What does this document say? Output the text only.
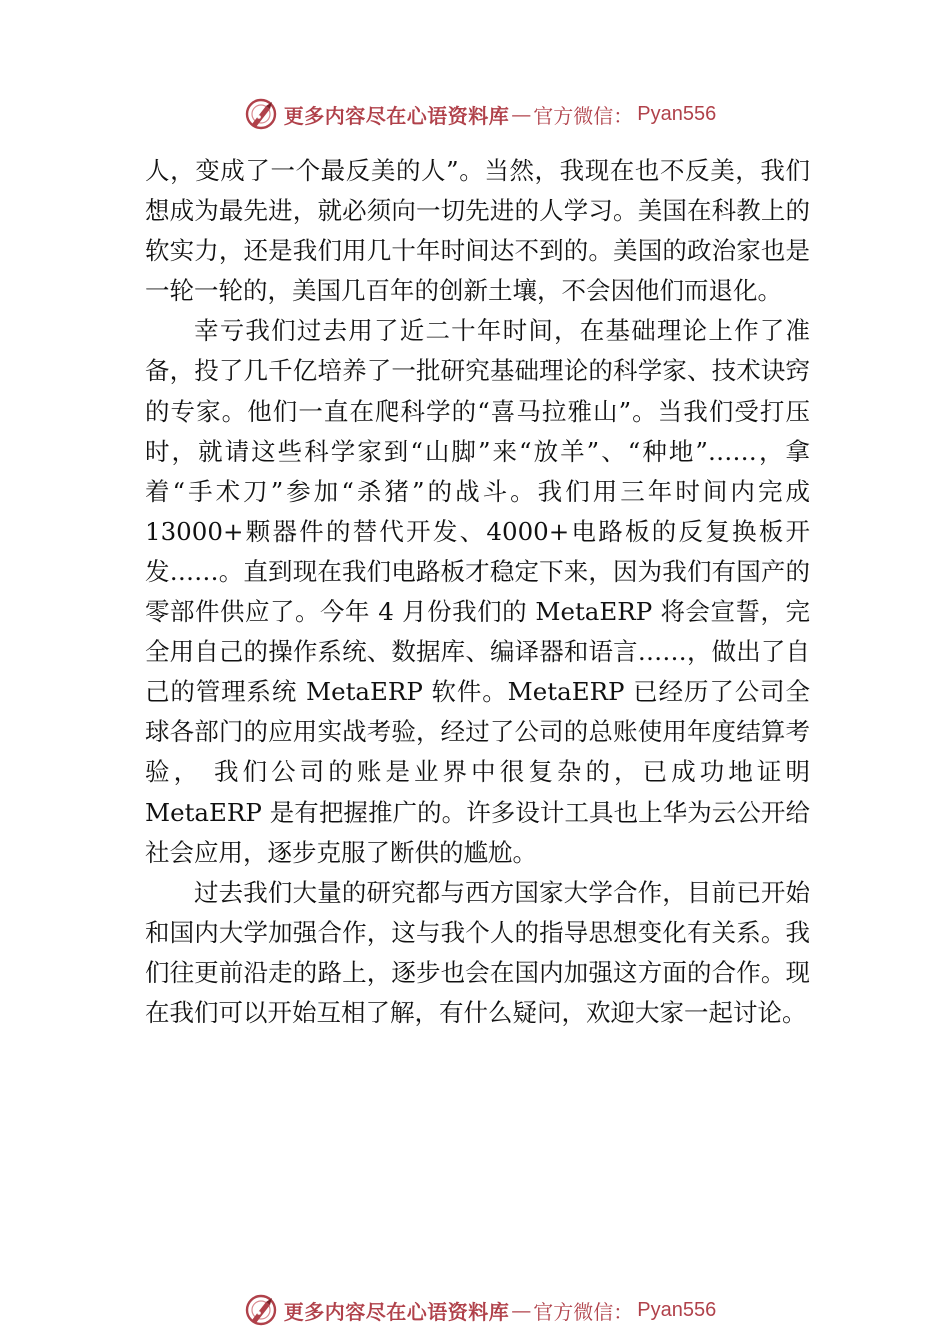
更多内容尽在心语资料库 — 官方微信： Pyan556

人，变成了一个最反美的人”。当然，我现在也不反美，我们想成为最先进，就必须向一切先进的人学习。美国在科教上的软实力，还是我们用几十年时间达不到的。美国的政治家也是一轮一轮的，美国几百年的创新土壤，不会因他们而退化。

幸亏我们过去用了近二十年时间，在基础理论上作了准备，投了几千亿培养了一批研究基础理论的科学家、技术诀窍的专家。他们一直在爬科学的“喜马拉雅山”。当我们受打压时，就请这些科学家到“山脚”来“放羊”、“种地”……，拿着“手术刀”参加“杀猪”的战斗。我们用三年时间内完成 13000+颗器件的替代开发、4000+电路板的反复换板开发……。直到现在我们电路板才稳定下来，因为我们有国产的零部件供应了。今年 4 月份我们的 MetaERP 将会宣誓，完全用自己的操作系统、数据库、编译器和语言……，做出了自己的管理系统 MetaERP 软件。MetaERP 已经历了公司全球各部门的应用实战考验，经过了公司的总账使用年度结算考验， 我们公司的账是业界中很复杂的，已成功地证明 MetaERP 是有把握推广的。许多设计工具也上华为云公开给社会应用，逐步克服了断供的尴尬。

过去我们大量的研究都与西方国家大学合作，目前已开始和国内大学加强合作，这与我个人的指导思想变化有关系。我们往更前沿走的路上，逐步也会在国内加强这方面的合作。现在我们可以开始互相了解，有什么疑问，欢迎大家一起讨论。

更多内容尽在心语资料库 — 官方微信： Pyan556
